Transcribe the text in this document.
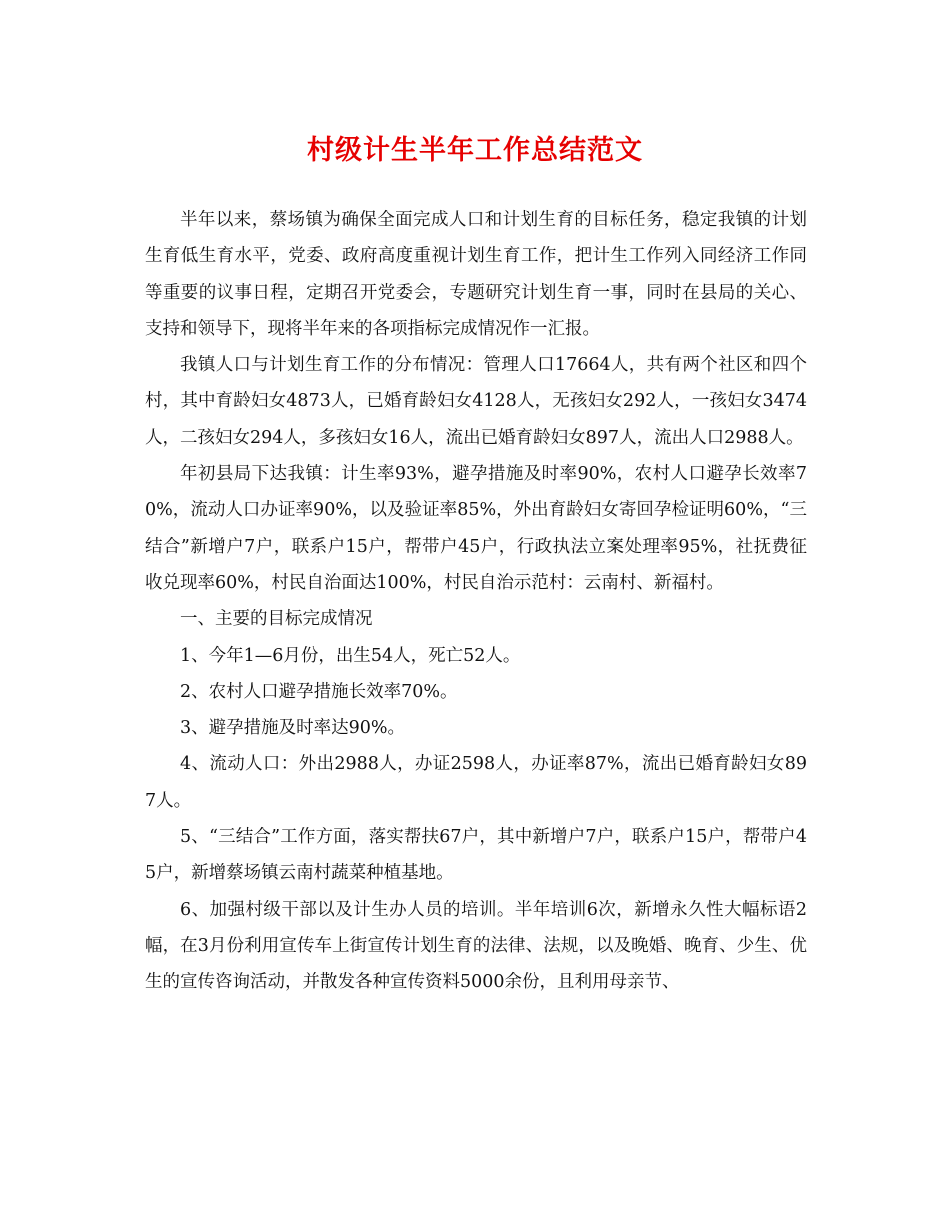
村级计生半年工作总结范文

半年以来，蔡场镇为确保全面完成人口和计划生育的目标任务，稳定我镇的计划生育低生育水平，党委、政府高度重视计划生育工作，把计生工作列入同经济工作同等重要的议事日程，定期召开党委会，专题研究计划生育一事，同时在县局的关心、支持和领导下，现将半年来的各项指标完成情况作一汇报。

我镇人口与计划生育工作的分布情况：管理人口17664人，共有两个社区和四个村，其中育龄妇女4873人，已婚育龄妇女4128人，无孩妇女292人，一孩妇女3474人，二孩妇女294人，多孩妇女16人，流出已婚育龄妇女897人，流出人口2988人。

年初县局下达我镇：计生率93%，避孕措施及时率90%，农村人口避孕长效率70%，流动人口办证率90%，以及验证率85%，外出育龄妇女寄回孕检证明60%，“三结合”新增户7户，联系户15户，帮带户45户，行政执法立案处理率95%，社抚费征收兑现率60%，村民自治面达100%，村民自治示范村：云南村、新福村。

一、主要的目标完成情况

1、今年1—6月份，出生54人，死亡52人。

2、农村人口避孕措施长效率70%。

3、避孕措施及时率达90%。

4、流动人口：外出2988人，办证2598人，办证率87%，流出已婚育龄妇女897人。

5、“三结合”工作方面，落实帮扶67户，其中新增户7户，联系户15户，帮带户45户，新增蔡场镇云南村蔬菜种植基地。

6、加强村级干部以及计生办人员的培训。半年培训6次，新增永久性大幅标语2幅，在3月份利用宣传车上街宣传计划生育的法律、法规，以及晚婚、晚育、少生、优生的宣传咨询活动，并散发各种宣传资料5000余份，且利用母亲节、
